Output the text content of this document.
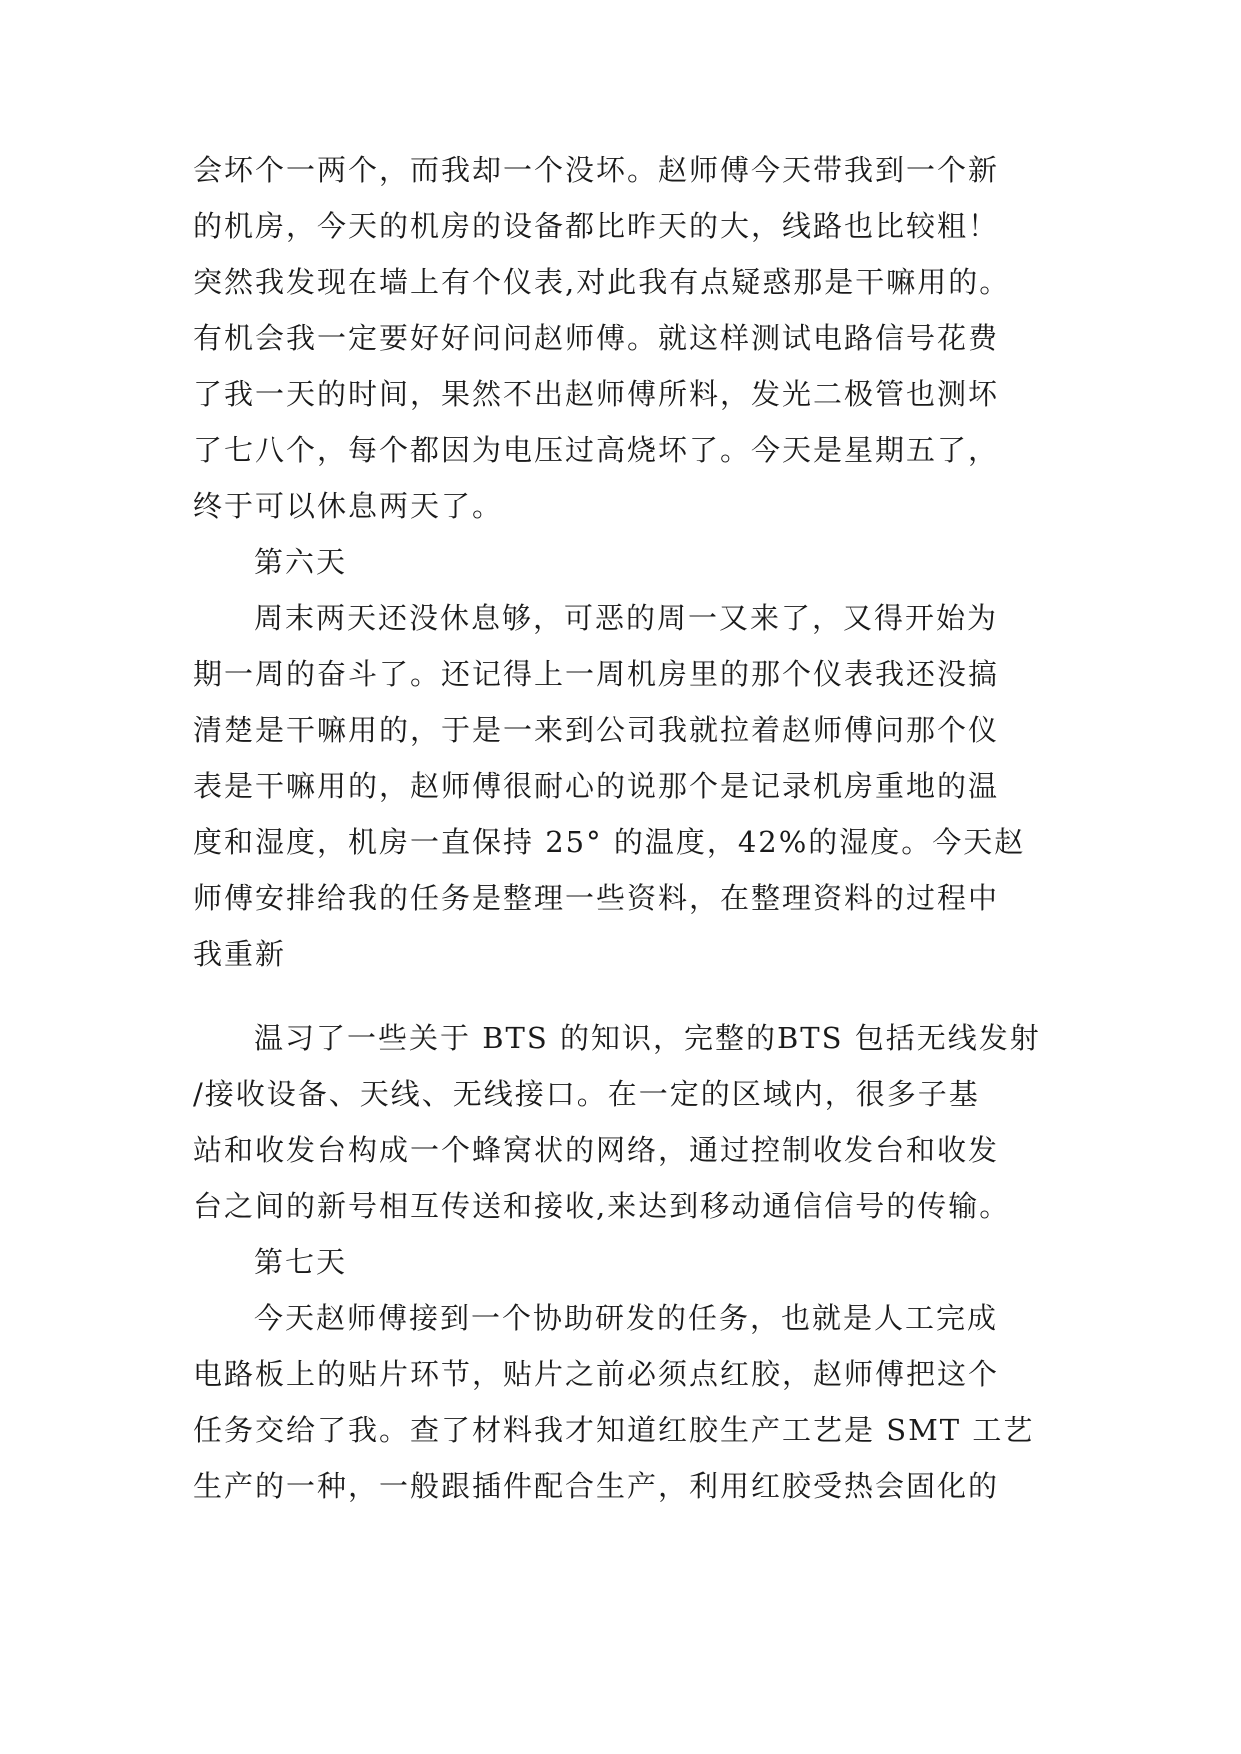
会坏个一两个，而我却一个没坏。赵师傅今天带我到一个新

的机房，今天的机房的设备都比昨天的大，线路也比较粗！

突然我发现在墙上有个仪表,对此我有点疑惑那是干嘛用的。

有机会我一定要好好问问赵师傅。就这样测试电路信号花费

了我一天的时间，果然不出赵师傅所料，发光二极管也测坏

了七八个，每个都因为电压过高烧坏了。今天是星期五了，

终于可以休息两天了。

第六天

周末两天还没休息够，可恶的周一又来了，又得开始为

期一周的奋斗了。还记得上一周机房里的那个仪表我还没搞

清楚是干嘛用的，于是一来到公司我就拉着赵师傅问那个仪

表是干嘛用的，赵师傅很耐心的说那个是记录机房重地的温

度和湿度，机房一直保持 25° 的温度，42%的湿度。今天赵

师傅安排给我的任务是整理一些资料，在整理资料的过程中

我重新

温习了一些关于 BTS 的知识，完整的BTS 包括无线发射

/接收设备、天线、无线接口。在一定的区域内，很多子基

站和收发台构成一个蜂窝状的网络，通过控制收发台和收发

台之间的新号相互传送和接收,来达到移动通信信号的传输。

第七天

今天赵师傅接到一个协助研发的任务，也就是人工完成

电路板上的贴片环节，贴片之前必须点红胶，赵师傅把这个

任务交给了我。查了材料我才知道红胶生产工艺是 SMT 工艺

生产的一种，一般跟插件配合生产，利用红胶受热会固化的
